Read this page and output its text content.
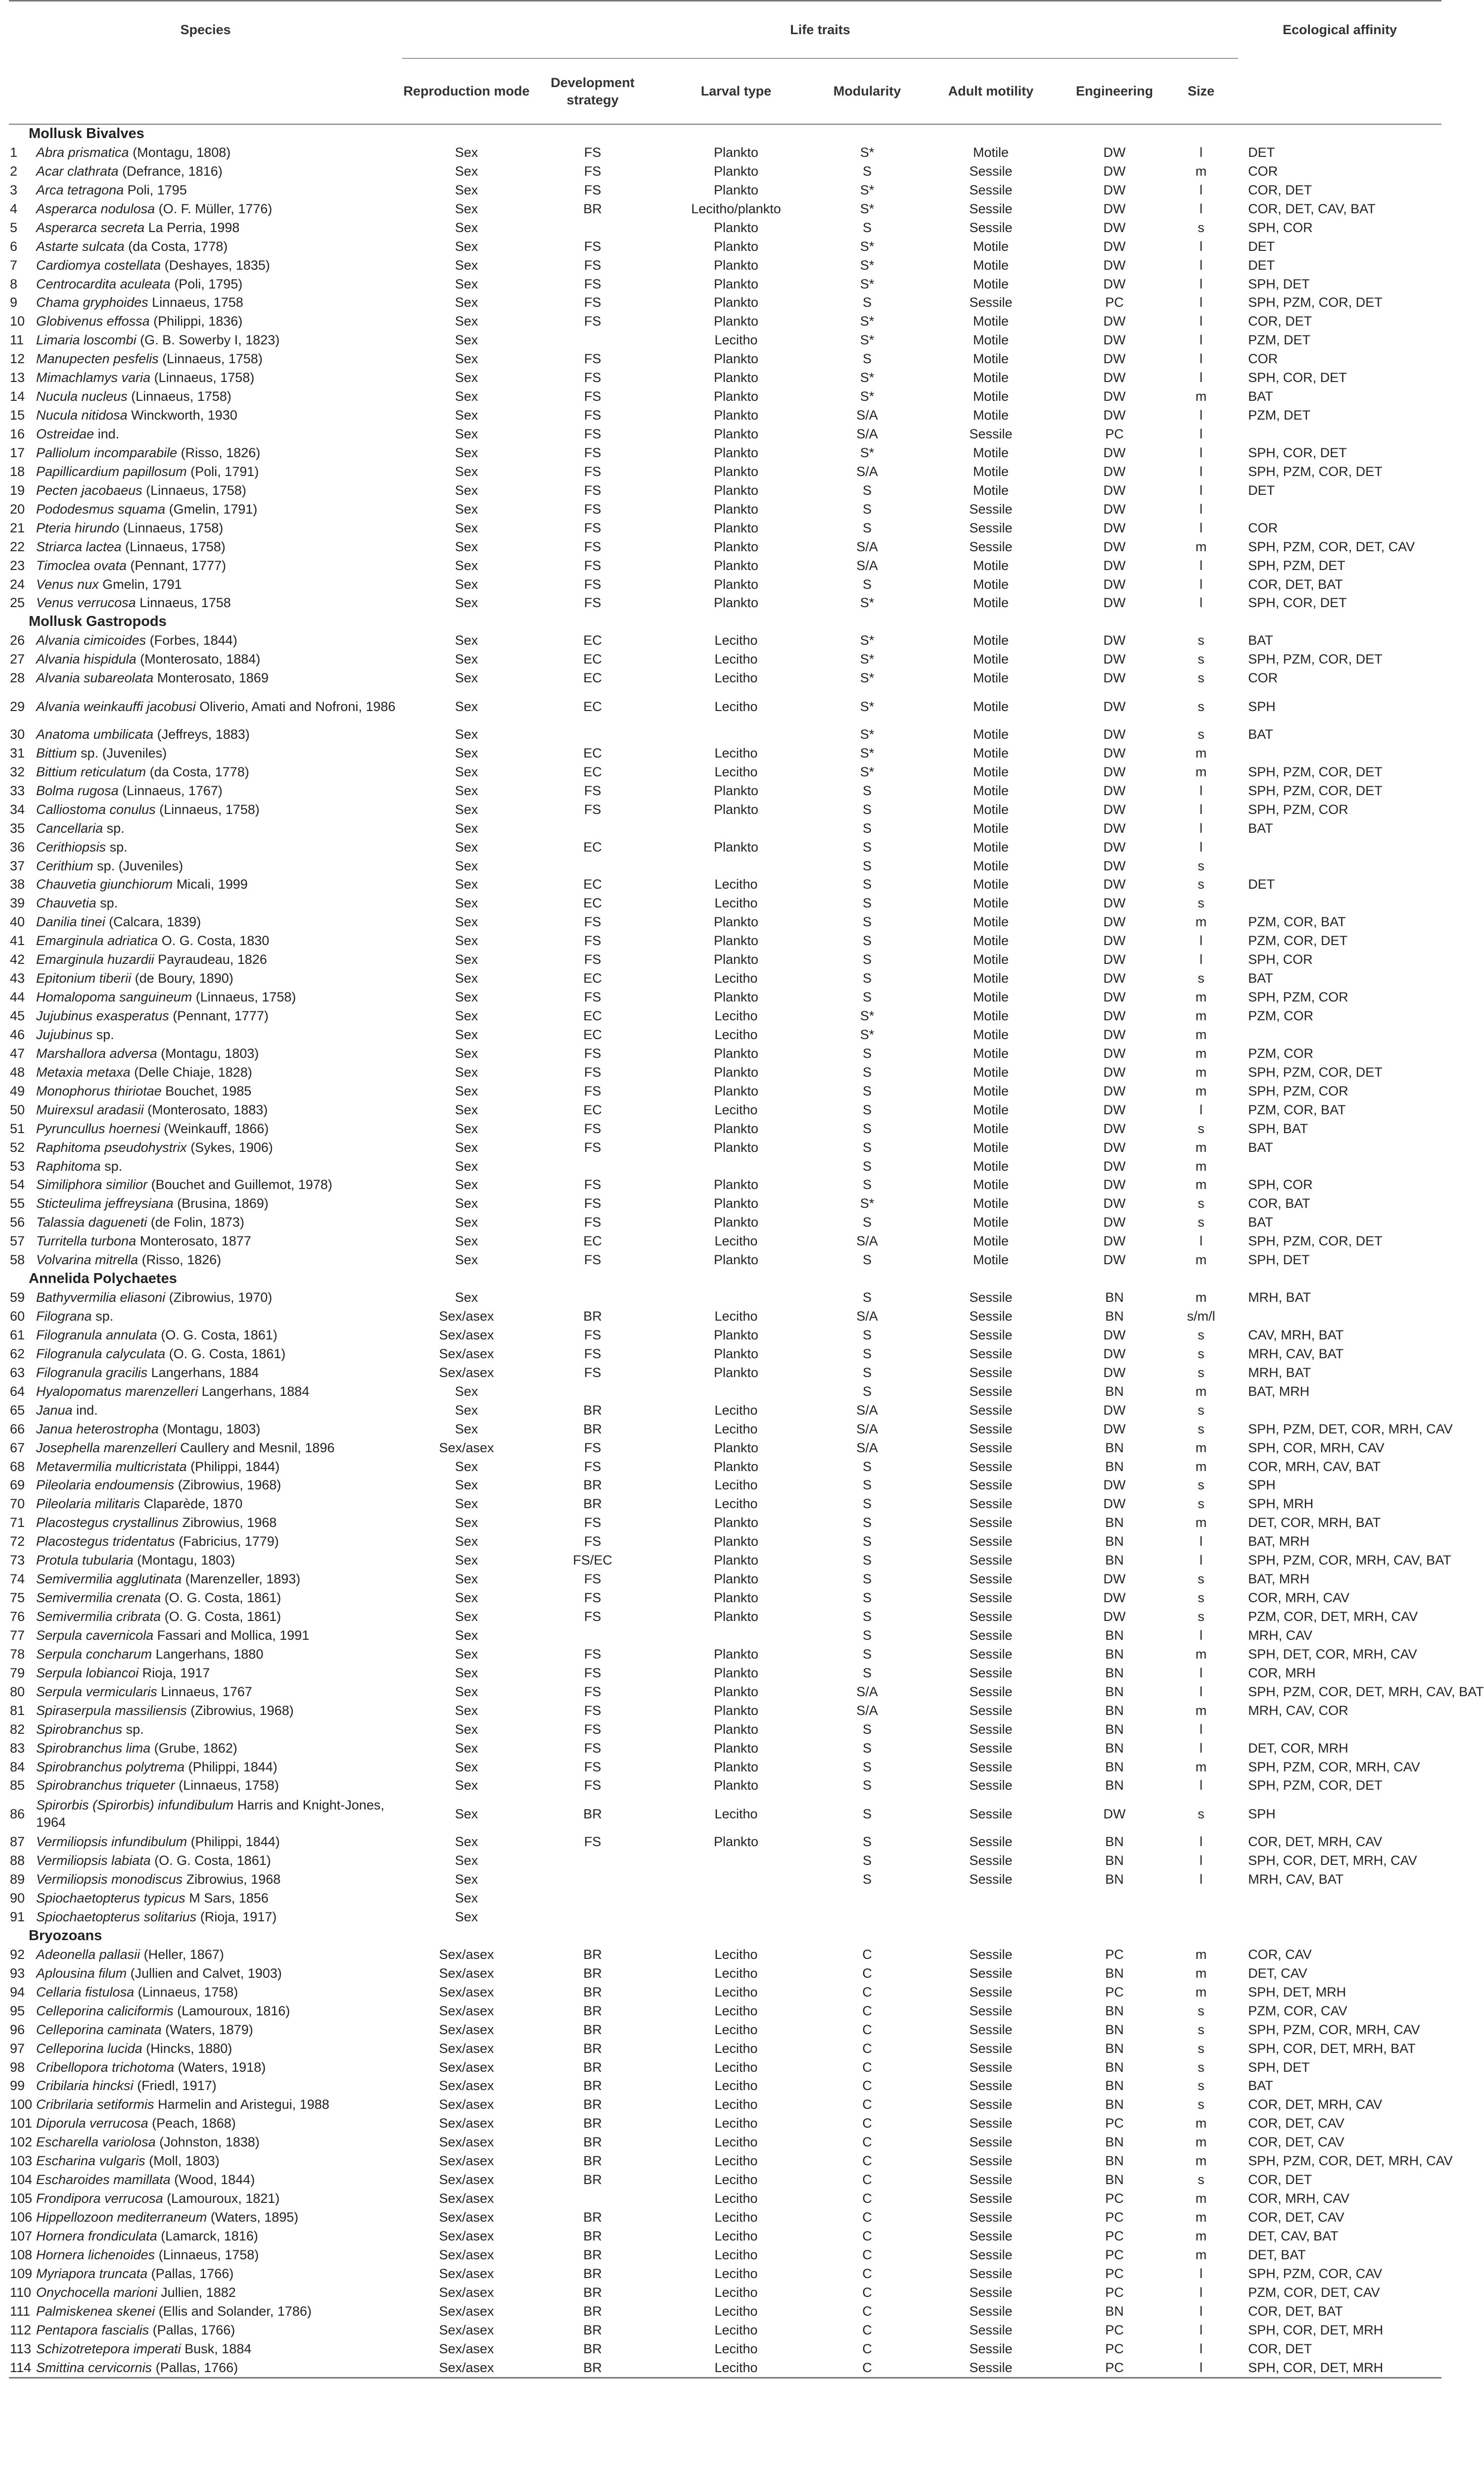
Species		Life traits							Ecological affinity
		Reproduction mode	Development strategy	Larval type	Modularity	Adult motility	Engineering	Size	
Mollusk Bivalves									
1	Abra prismatica (Montagu, 1808)	Sex	FS	Plankto	S*	Motile	DW	l	DET
2	Acar clathrata (Defrance, 1816)	Sex	FS	Plankto	S	Sessile	DW	m	COR
3	Arca tetragona Poli, 1795	Sex	FS	Plankto	S*	Sessile	DW	l	COR, DET
4	Asperarca nodulosa (O. F. Müller, 1776)	Sex	BR	Lecitho/plankto	S*	Sessile	DW	l	COR, DET, CAV, BAT
5	Asperarca secreta La Perria, 1998	Sex		Plankto	S	Sessile	DW	s	SPH, COR
6	Astarte sulcata (da Costa, 1778)	Sex	FS	Plankto	S*	Motile	DW	l	DET
7	Cardiomya costellata (Deshayes, 1835)	Sex	FS	Plankto	S*	Motile	DW	l	DET
8	Centrocardita aculeata (Poli, 1795)	Sex	FS	Plankto	S*	Motile	DW	l	SPH, DET
9	Chama gryphoides Linnaeus, 1758	Sex	FS	Plankto	S	Sessile	PC	l	SPH, PZM, COR, DET
10	Globivenus effossa (Philippi, 1836)	Sex	FS	Plankto	S*	Motile	DW	l	COR, DET
11	Limaria loscombi (G. B. Sowerby I, 1823)	Sex		Lecitho	S*	Motile	DW	l	PZM, DET
12	Manupecten pesfelis (Linnaeus, 1758)	Sex	FS	Plankto	S	Motile	DW	l	COR
13	Mimachlamys varia (Linnaeus, 1758)	Sex	FS	Plankto	S*	Motile	DW	l	SPH, COR, DET
14	Nucula nucleus (Linnaeus, 1758)	Sex	FS	Plankto	S*	Motile	DW	m	BAT
15	Nucula nitidosa Winckworth, 1930	Sex	FS	Plankto	S/A	Motile	DW	l	PZM, DET
16	Ostreidae ind.	Sex	FS	Plankto	S/A	Sessile	PC	l	
17	Palliolum incomparabile (Risso, 1826)	Sex	FS	Plankto	S*	Motile	DW	l	SPH, COR, DET
18	Papillicardium papillosum (Poli, 1791)	Sex	FS	Plankto	S/A	Motile	DW	l	SPH, PZM, COR, DET
19	Pecten jacobaeus (Linnaeus, 1758)	Sex	FS	Plankto	S	Motile	DW	l	DET
20	Pododesmus squama (Gmelin, 1791)	Sex	FS	Plankto	S	Sessile	DW	l	
21	Pteria hirundo (Linnaeus, 1758)	Sex	FS	Plankto	S	Sessile	DW	l	COR
22	Striarca lactea (Linnaeus, 1758)	Sex	FS	Plankto	S/A	Sessile	DW	m	SPH, PZM, COR, DET, CAV
23	Timoclea ovata (Pennant, 1777)	Sex	FS	Plankto	S/A	Motile	DW	l	SPH, PZM, DET
24	Venus nux Gmelin, 1791	Sex	FS	Plankto	S	Motile	DW	l	COR, DET, BAT
25	Venus verrucosa Linnaeus, 1758	Sex	FS	Plankto	S*	Motile	DW	l	SPH, COR, DET
Mollusk Gastropods									
26	Alvania cimicoides (Forbes, 1844)	Sex	EC	Lecitho	S*	Motile	DW	s	BAT
27	Alvania hispidula (Monterosato, 1884)	Sex	EC	Lecitho	S*	Motile	DW	s	SPH, PZM, COR, DET
28	Alvania subareolata Monterosato, 1869	Sex	EC	Lecitho	S*	Motile	DW	s	COR
29	Alvania weinkauffi jacobusi Oliverio, Amati and Nofroni, 1986	Sex	EC	Lecitho	S*	Motile	DW	s	SPH
30	Anatoma umbilicata (Jeffreys, 1883)	Sex			S*	Motile	DW	s	BAT
31	Bittium sp. (Juveniles)	Sex	EC	Lecitho	S*	Motile	DW	m	
32	Bittium reticulatum (da Costa, 1778)	Sex	EC	Lecitho	S*	Motile	DW	m	SPH, PZM, COR, DET
33	Bolma rugosa (Linnaeus, 1767)	Sex	FS	Plankto	S	Motile	DW	l	SPH, PZM, COR, DET
34	Calliostoma conulus (Linnaeus, 1758)	Sex	FS	Plankto	S	Motile	DW	l	SPH, PZM, COR
35	Cancellaria sp.	Sex			S	Motile	DW	l	BAT
36	Cerithiopsis sp.	Sex	EC	Plankto	S	Motile	DW	l	
37	Cerithium sp. (Juveniles)	Sex			S	Motile	DW	s	
38	Chauvetia giunchiorum Micali, 1999	Sex	EC	Lecitho	S	Motile	DW	s	DET
39	Chauvetia sp.	Sex	EC	Lecitho	S	Motile	DW	s	
40	Danilia tinei (Calcara, 1839)	Sex	FS	Plankto	S	Motile	DW	m	PZM, COR, BAT
41	Emarginula adriatica O. G. Costa, 1830	Sex	FS	Plankto	S	Motile	DW	l	PZM, COR, DET
42	Emarginula huzardii Payraudeau, 1826	Sex	FS	Plankto	S	Motile	DW	l	SPH, COR
43	Epitonium tiberii (de Boury, 1890)	Sex	EC	Lecitho	S	Motile	DW	s	BAT
44	Homalopoma sanguineum (Linnaeus, 1758)	Sex	FS	Plankto	S	Motile	DW	m	SPH, PZM, COR
45	Jujubinus exasperatus (Pennant, 1777)	Sex	EC	Lecitho	S*	Motile	DW	m	PZM, COR
46	Jujubinus sp.	Sex	EC	Lecitho	S*	Motile	DW	m	
47	Marshallora adversa (Montagu, 1803)	Sex	FS	Plankto	S	Motile	DW	m	PZM, COR
48	Metaxia metaxa (Delle Chiaje, 1828)	Sex	FS	Plankto	S	Motile	DW	m	SPH, PZM, COR, DET
49	Monophorus thiriotae Bouchet, 1985	Sex	FS	Plankto	S	Motile	DW	m	SPH, PZM, COR
50	Muirexsul aradasii (Monterosato, 1883)	Sex	EC	Lecitho	S	Motile	DW	l	PZM, COR, BAT
51	Pyruncullus hoernesi (Weinkauff, 1866)	Sex	FS	Plankto	S	Motile	DW	s	SPH, BAT
52	Raphitoma pseudohystrix (Sykes, 1906)	Sex	FS	Plankto	S	Motile	DW	m	BAT
53	Raphitoma sp.	Sex			S	Motile	DW	m	
54	Similiphora similior (Bouchet and Guillemot, 1978)	Sex	FS	Plankto	S	Motile	DW	m	SPH, COR
55	Sticteulima jeffreysiana (Brusina, 1869)	Sex	FS	Plankto	S*	Motile	DW	s	COR, BAT
56	Talassia dagueneti (de Folin, 1873)	Sex	FS	Plankto	S	Motile	DW	s	BAT
57	Turritella turbona Monterosato, 1877	Sex	EC	Lecitho	S/A	Motile	DW	l	SPH, PZM, COR, DET
58	Volvarina mitrella (Risso, 1826)	Sex	FS	Plankto	S	Motile	DW	m	SPH, DET
Annelida Polychaetes									
59	Bathyvermilia eliasoni (Zibrowius, 1970)	Sex			S	Sessile	BN	m	MRH, BAT
60	Filograna sp.	Sex/asex	BR	Lecitho	S/A	Sessile	BN	s/m/l	
61	Filogranula annulata (O. G. Costa, 1861)	Sex/asex	FS	Plankto	S	Sessile	DW	s	CAV, MRH, BAT
62	Filogranula calyculata (O. G. Costa, 1861)	Sex/asex	FS	Plankto	S	Sessile	DW	s	MRH, CAV, BAT
63	Filogranula gracilis Langerhans, 1884	Sex/asex	FS	Plankto	S	Sessile	DW	s	MRH, BAT
64	Hyalopomatus marenzelleri Langerhans, 1884	Sex			S	Sessile	BN	m	BAT, MRH
65	Janua ind.	Sex	BR	Lecitho	S/A	Sessile	DW	s	
66	Janua heterostropha (Montagu, 1803)	Sex	BR	Lecitho	S/A	Sessile	DW	s	SPH, PZM, DET, COR, MRH, CAV
67	Josephella marenzelleri Caullery and Mesnil, 1896	Sex/asex	FS	Plankto	S/A	Sessile	BN	m	SPH, COR, MRH, CAV
68	Metavermilia multicristata (Philippi, 1844)	Sex	FS	Plankto	S	Sessile	BN	m	COR, MRH, CAV, BAT
69	Pileolaria endoumensis (Zibrowius, 1968)	Sex	BR	Lecitho	S	Sessile	DW	s	SPH
70	Pileolaria militaris Claparède, 1870	Sex	BR	Lecitho	S	Sessile	DW	s	SPH, MRH
71	Placostegus crystallinus Zibrowius, 1968	Sex	FS	Plankto	S	Sessile	BN	m	DET, COR, MRH, BAT
72	Placostegus tridentatus (Fabricius, 1779)	Sex	FS	Plankto	S	Sessile	BN	l	BAT, MRH
73	Protula tubularia (Montagu, 1803)	Sex	FS/EC	Plankto	S	Sessile	BN	l	SPH, PZM, COR, MRH, CAV, BAT
74	Semivermilia agglutinata (Marenzeller, 1893)	Sex	FS	Plankto	S	Sessile	DW	s	BAT, MRH
75	Semivermilia crenata (O. G. Costa, 1861)	Sex	FS	Plankto	S	Sessile	DW	s	COR, MRH, CAV
76	Semivermilia cribrata (O. G. Costa, 1861)	Sex	FS	Plankto	S	Sessile	DW	s	PZM, COR, DET, MRH, CAV
77	Serpula cavernicola Fassari and Mollica, 1991	Sex			S	Sessile	BN	l	MRH, CAV
78	Serpula concharum Langerhans, 1880	Sex	FS	Plankto	S	Sessile	BN	m	SPH, DET, COR, MRH, CAV
79	Serpula lobiancoi Rioja, 1917	Sex	FS	Plankto	S	Sessile	BN	l	COR, MRH
80	Serpula vermicularis Linnaeus, 1767	Sex	FS	Plankto	S/A	Sessile	BN	l	SPH, PZM, COR, DET, MRH, CAV, BAT
81	Spiraserpula massiliensis (Zibrowius, 1968)	Sex	FS	Plankto	S/A	Sessile	BN	m	MRH, CAV, COR
82	Spirobranchus sp.	Sex	FS	Plankto	S	Sessile	BN	l	
83	Spirobranchus lima (Grube, 1862)	Sex	FS	Plankto	S	Sessile	BN	l	DET, COR, MRH
84	Spirobranchus polytrema (Philippi, 1844)	Sex	FS	Plankto	S	Sessile	BN	m	SPH, PZM, COR, MRH, CAV
85	Spirobranchus triqueter (Linnaeus, 1758)	Sex	FS	Plankto	S	Sessile	BN	l	SPH, PZM, COR, DET
86	Spirorbis (Spirorbis) infundibulum Harris and Knight-Jones, 1964	Sex	BR	Lecitho	S	Sessile	DW	s	SPH
87	Vermiliopsis infundibulum (Philippi, 1844)	Sex	FS	Plankto	S	Sessile	BN	l	COR, DET, MRH, CAV
88	Vermiliopsis labiata (O. G. Costa, 1861)	Sex			S	Sessile	BN	l	SPH, COR, DET, MRH, CAV
89	Vermiliopsis monodiscus Zibrowius, 1968	Sex			S	Sessile	BN	l	MRH, CAV, BAT
90	Spiochaetopterus typicus M Sars, 1856	Sex							
91	Spiochaetopterus solitarius (Rioja, 1917)	Sex							
Bryozoans									
92	Adeonella pallasii (Heller, 1867)	Sex/asex	BR	Lecitho	C	Sessile	PC	m	COR, CAV
93	Aplousina filum (Jullien and Calvet, 1903)	Sex/asex	BR	Lecitho	C	Sessile	BN	m	DET, CAV
94	Cellaria fistulosa (Linnaeus, 1758)	Sex/asex	BR	Lecitho	C	Sessile	PC	m	SPH, DET, MRH
95	Celleporina caliciformis (Lamouroux, 1816)	Sex/asex	BR	Lecitho	C	Sessile	BN	s	PZM, COR, CAV
96	Celleporina caminata (Waters, 1879)	Sex/asex	BR	Lecitho	C	Sessile	BN	s	SPH, PZM, COR, MRH, CAV
97	Celleporina lucida (Hincks, 1880)	Sex/asex	BR	Lecitho	C	Sessile	BN	s	SPH, COR, DET, MRH, BAT
98	Cribellopora trichotoma (Waters, 1918)	Sex/asex	BR	Lecitho	C	Sessile	BN	s	SPH, DET
99	Cribilaria hincksi (Friedl, 1917)	Sex/asex	BR	Lecitho	C	Sessile	BN	s	BAT
100	Cribrilaria setiformis Harmelin and Aristegui, 1988	Sex/asex	BR	Lecitho	C	Sessile	BN	s	COR, DET, MRH, CAV
101	Diporula verrucosa (Peach, 1868)	Sex/asex	BR	Lecitho	C	Sessile	PC	m	COR, DET, CAV
102	Escharella variolosa (Johnston, 1838)	Sex/asex	BR	Lecitho	C	Sessile	BN	m	COR, DET, CAV
103	Escharina vulgaris (Moll, 1803)	Sex/asex	BR	Lecitho	C	Sessile	BN	m	SPH, PZM, COR, DET, MRH, CAV
104	Escharoides mamillata (Wood, 1844)	Sex/asex	BR	Lecitho	C	Sessile	BN	s	COR, DET
105	Frondipora verrucosa (Lamouroux, 1821)	Sex/asex		Lecitho	C	Sessile	PC	m	COR, MRH, CAV
106	Hippellozoon mediterraneum (Waters, 1895)	Sex/asex	BR	Lecitho	C	Sessile	PC	m	COR, DET, CAV
107	Hornera frondiculata (Lamarck, 1816)	Sex/asex	BR	Lecitho	C	Sessile	PC	m	DET, CAV, BAT
108	Hornera lichenoides (Linnaeus, 1758)	Sex/asex	BR	Lecitho	C	Sessile	PC	m	DET, BAT
109	Myriapora truncata (Pallas, 1766)	Sex/asex	BR	Lecitho	C	Sessile	PC	l	SPH, PZM, COR, CAV
110	Onychocella marioni Jullien, 1882	Sex/asex	BR	Lecitho	C	Sessile	PC	l	PZM, COR, DET, CAV
111	Palmiskenea skenei (Ellis and Solander, 1786)	Sex/asex	BR	Lecitho	C	Sessile	BN	l	COR, DET, BAT
112	Pentapora fascialis (Pallas, 1766)	Sex/asex	BR	Lecitho	C	Sessile	PC	l	SPH, COR, DET, MRH
113	Schizotretepora imperati Busk, 1884	Sex/asex	BR	Lecitho	C	Sessile	PC	l	COR, DET
114	Smittina cervicornis (Pallas, 1766)	Sex/asex	BR	Lecitho	C	Sessile	PC	l	SPH, COR, DET, MRH
